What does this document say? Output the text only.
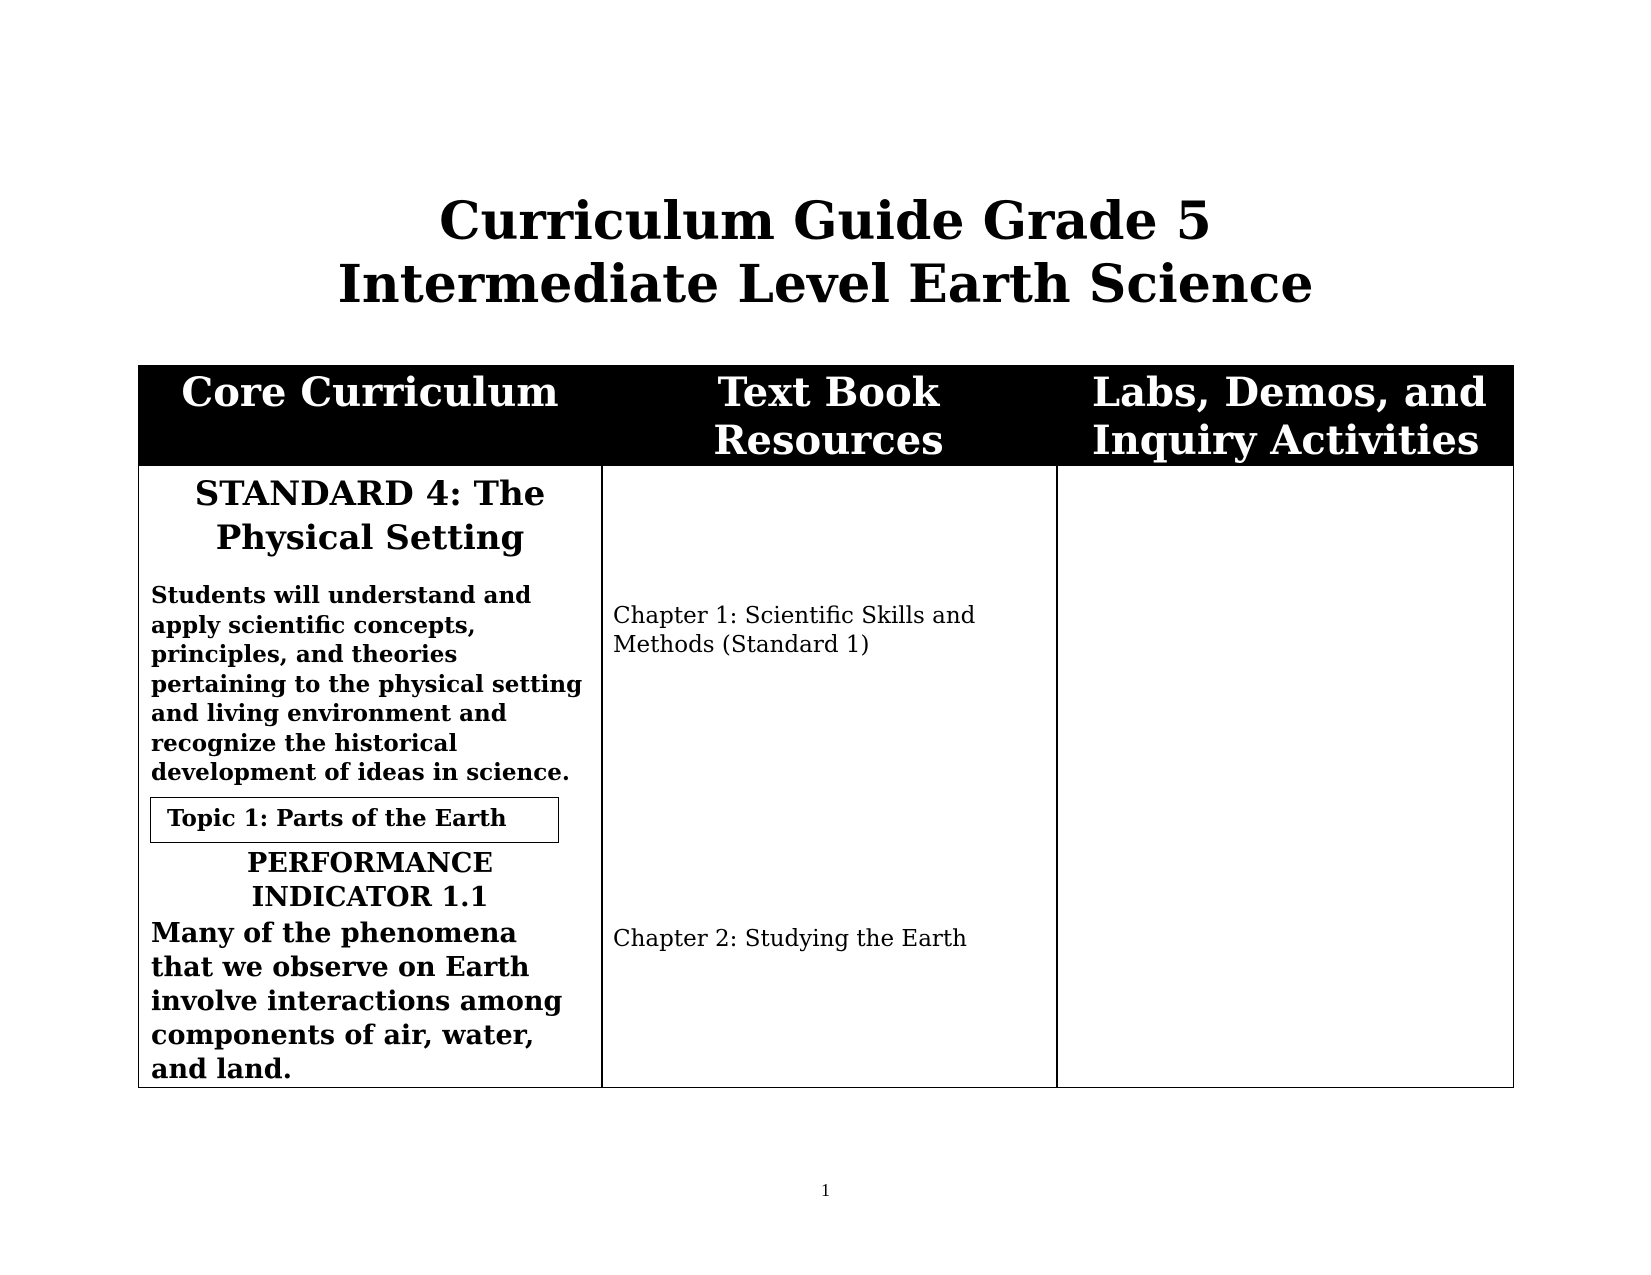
Curriculum Guide Grade 5
Intermediate Level Earth Science
Core Curriculum	Text Book
Resources
Labs, Demos, and
Inquiry Activities
STANDARD 4: The
Physical Setting
Students will understand and
apply scientific concepts,
principles, and theories
pertaining to the physical setting
and living environment and
recognize the historical
development of ideas in science.
Topic 1: Parts of the Earth
PERFORMANCE
INDICATOR 1.1
Many of the phenomena
that we observe on Earth
involve interactions among
components of air, water,
and land.
Chapter 1: Scientific Skills and
Methods (Standard 1)
Chapter 2: Studying the Earth
1
